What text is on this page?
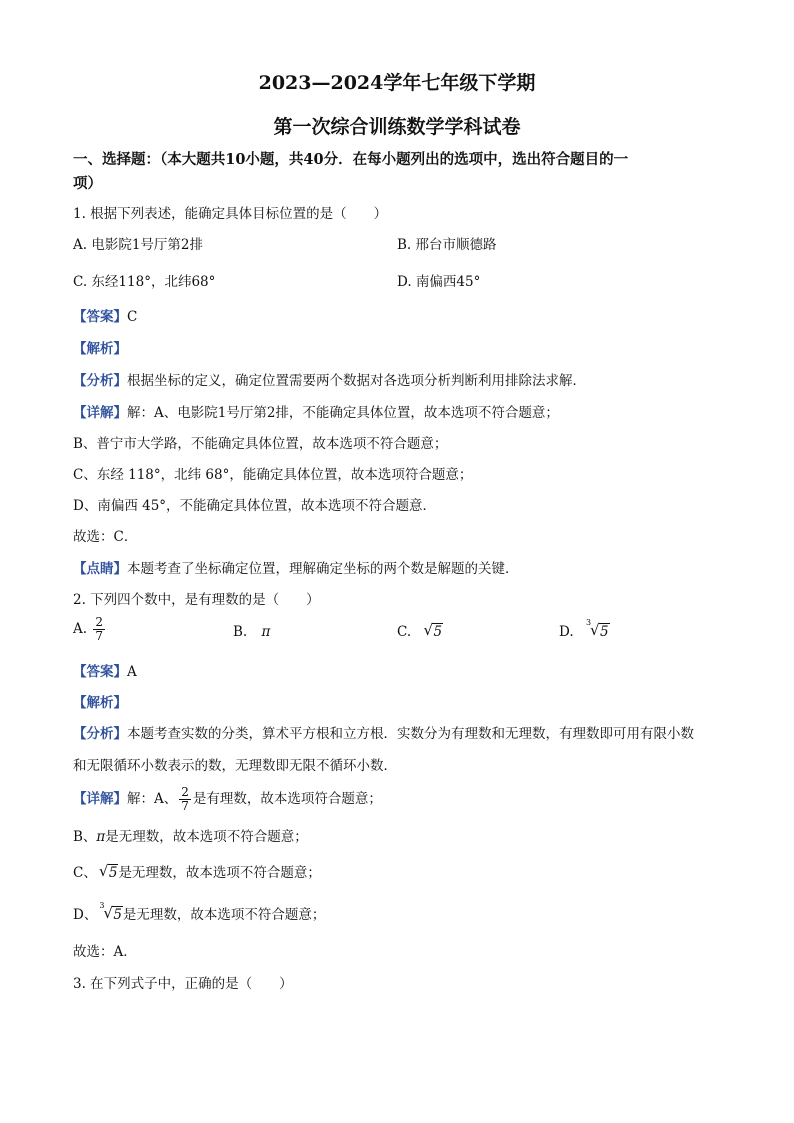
2023—2024学年七年级下学期
第一次综合训练数学学科试卷
一、选择题：（本大题共10小题，共40分．在每小题列出的选项中，选出符合题目的一
项）
1. 根据下列表述，能确定具体目标位置的是（　　）
A. 电影院1号厅第2排	B. 邢台市顺德路
C. 东经118°，北纬68°	D. 南偏西45°
【答案】C
【解析】
【分析】根据坐标的定义，确定位置需要两个数据对各选项分析判断利用排除法求解．
【详解】解：A、电影院1号厅第2排，不能确定具体位置，故本选项不符合题意；
B、普宁市大学路，不能确定具体位置，故本选项不符合题意；
C、东经 118°，北纬 68°，能确定具体位置，故本选项符合题意；
D、南偏西 45°，不能确定具体位置，故本选项不符合题意．
故选：C．
【点睛】本题考查了坐标确定位置，理解确定坐标的两个数是解题的关键．
2. 下列四个数中，是有理数的是（　　）
A. $\frac{2}{7}$	B. π	C. √ 5	D.
3
√ 5
【答案】A
【解析】
【分析】本题考查实数的分类，算术平方根和立方根．实数分为有理数和无理数，有理数即可用有限小数
和无限循环小数表示的数，无理数即无限不循环小数．
【详解】解：A、 $\frac{2}{7}$ 是有理数，故本选项符合题意；
B、π是无理数，故本选项不符合题意；
C、 √ 5是无理数，故本选项不符合题意；
D、
3
√ 5是无理数，故本选项不符合题意；
故选：A．
3. 在下列式子中，正确的是（　　）
